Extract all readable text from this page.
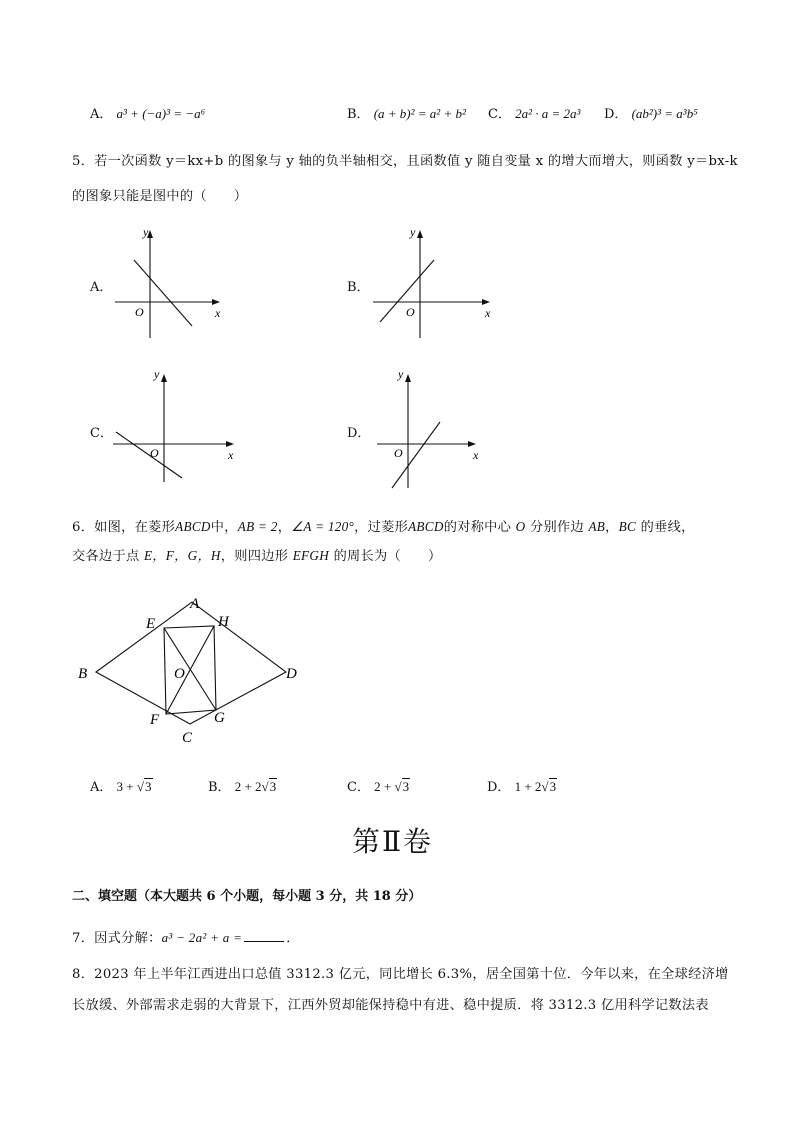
A． a³ + (−a)³ = −a⁶	B． (a + b)² = a² + b² C． 2a² · a = 2a³ D． (ab²)³ = a³b⁵
5．若一次函数 y＝kx+b 的图象与 y 轴的负半轴相交，且函数值 y 随自变量 x 的增大而增大，则函数 y＝bx-k
的图象只能是图中的（　　）
A．
y
x
O
B．
y
x
O
C．
y
x
O
D．
y
x
O
6．如图，在菱形ABCD中，AB = 2，∠A = 120°，过菱形ABCD的对称中心 O 分别作边 AB，BC 的垂线，
交各边于点 E，F，G，H，则四边形 EFGH 的周长为（　　）
A
B
C
D
E	H
F	G
O
A． 3 + √3	B． 2 + 2√3	C． 2 + √3	D． 1 + 2√3
第Ⅱ卷
二、填空题（本大题共 6 个小题，每小题 3 分，共 18 分）
7．因式分解：a³ − 2a² + a =	．
8．2023 年上半年江西进出口总值 3312.3 亿元，同比增长 6.3%，居全国第十位．今年以来，在全球经济增
长放缓、外部需求走弱的大背景下，江西外贸却能保持稳中有进、稳中提质．将 3312.3 亿用科学记数法表
